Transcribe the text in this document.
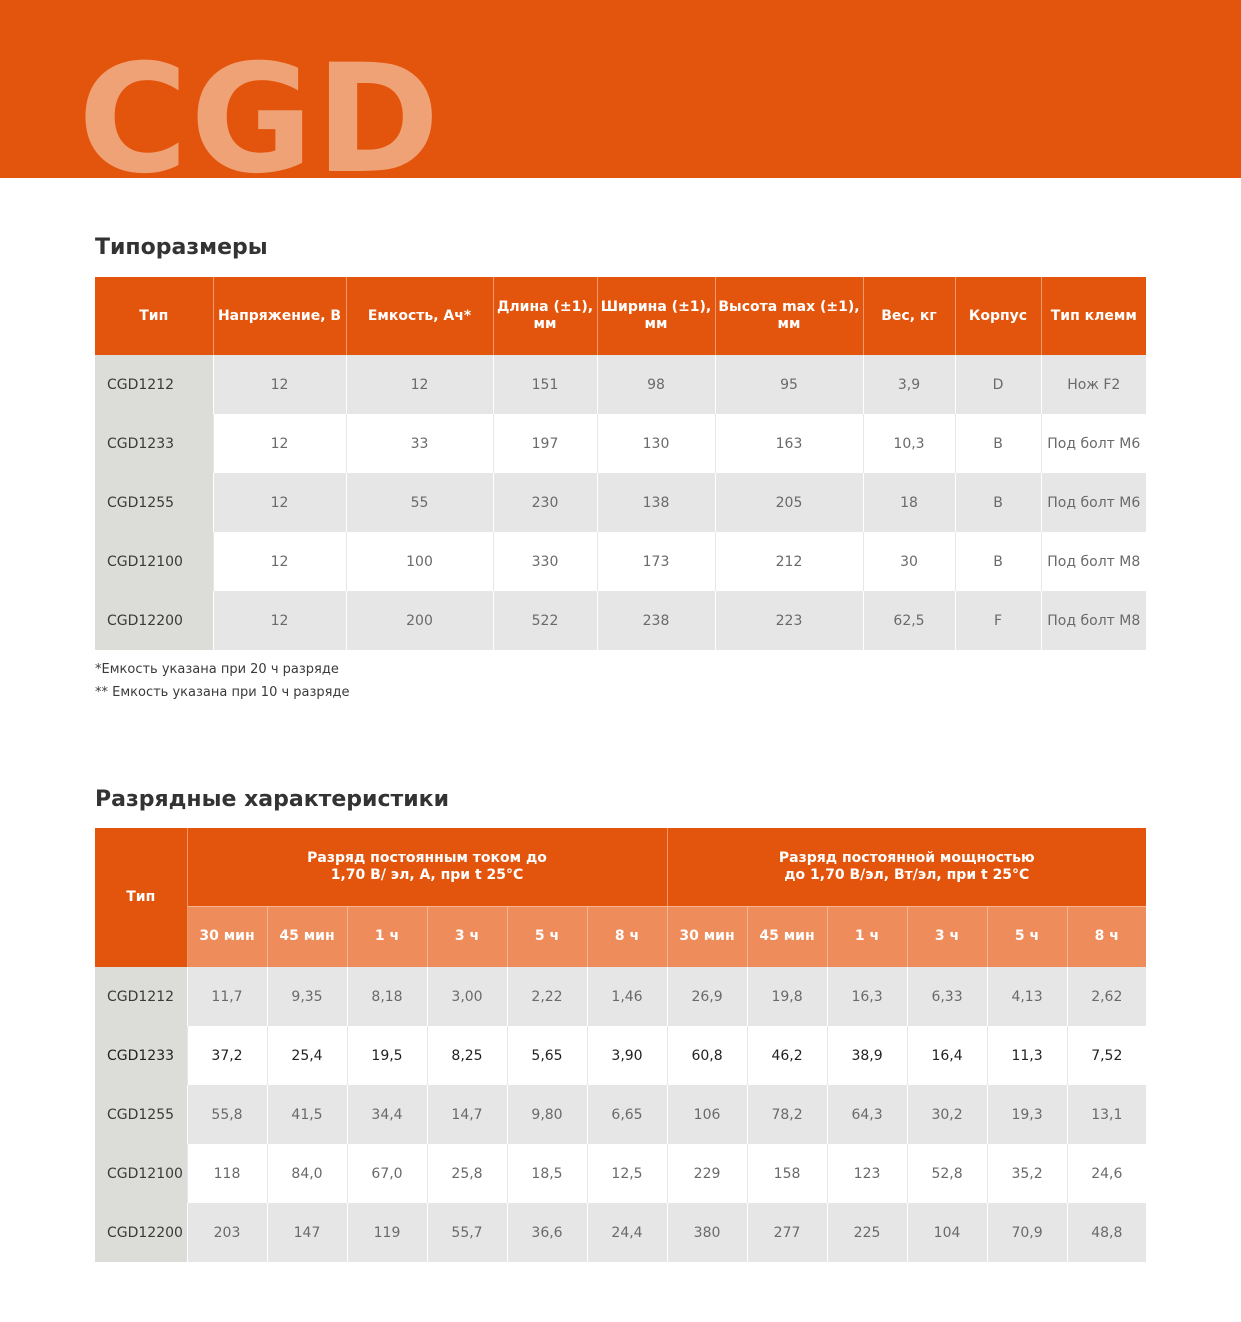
CGD
Типоразмеры
Тип	Напряжение, В	Емкость, Ач*	Длина (±1), мм	Ширина (±1), мм	Высота max (±1), мм	Вес, кг	Корпус	Тип клемм
CGD1212	12	12	151	98	95	3,9	D	Нож F2
CGD1233	12	33	197	130	163	10,3	B	Под болт М6
CGD1255	12	55	230	138	205	18	B	Под болт М6
CGD12100	12	100	330	173	212	30	B	Под болт М8
CGD12200	12	200	522	238	223	62,5	F	Под болт М8
*Емкость указана при 20 ч разряде
** Емкость указана при 10 ч разряде
Разрядные характеристики
Тип	Разряд постоянным током до 1,70 В/ эл, А, при t 25°C						Разряд постоянной мощностью до 1,70 В/эл, Вт/эл, при t 25°C					

	30 мин	45 мин	1 ч	3 ч	5 ч	8 ч	30 мин	45 мин	1 ч	3 ч	5 ч	8 ч
CGD1212	11,7	9,35	8,18	3,00	2,22	1,46	26,9	19,8	16,3	6,33	4,13	2,62
CGD1233	37,2	25,4	19,5	8,25	5,65	3,90	60,8	46,2	38,9	16,4	11,3	7,52
CGD1255	55,8	41,5	34,4	14,7	9,80	6,65	106	78,2	64,3	30,2	19,3	13,1
CGD12100	118	84,0	67,0	25,8	18,5	12,5	229	158	123	52,8	35,2	24,6
CGD12200	203	147	119	55,7	36,6	24,4	380	277	225	104	70,9	48,8
